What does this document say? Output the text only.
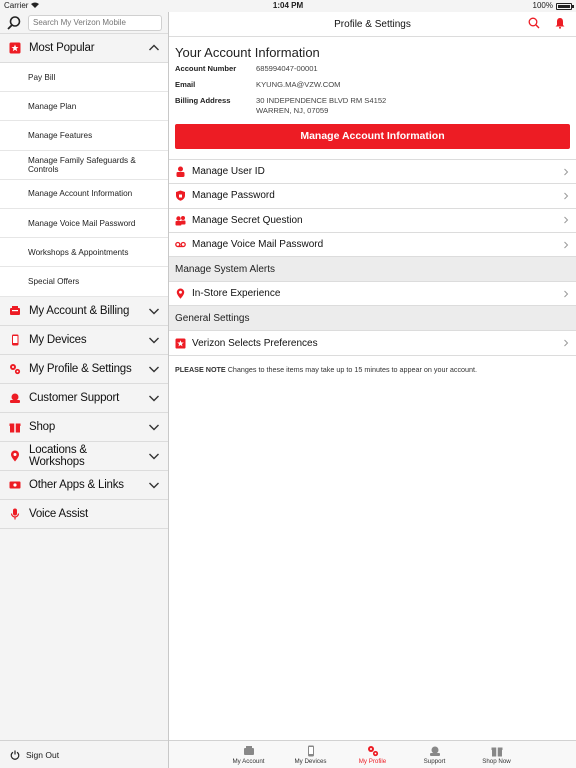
Carrier	1:04 PM	100%
Search My Verizon Mobile
Most Popular
Pay Bill
Manage Plan
Manage Features
Manage Family Safeguards & Controls
Manage Account Information
Manage Voice Mail Password
Workshops & Appointments
Special Offers
My Account & Billing
My Devices
My Profile & Settings
Customer Support
Shop
Locations & Workshops
Other Apps & Links
Voice Assist
Sign Out
Profile & Settings
Your Account Information
Account Number	685994047-00001
Email	KYUNG.MA@VZW.COM
Billing Address	30 INDEPENDENCE BLVD RM S4152
WARREN, NJ, 07059
Manage Account Information
Manage User ID
Manage Password
Manage Secret Question
Manage Voice Mail Password
Manage System Alerts
In-Store Experience
General Settings
Verizon Selects Preferences
PLEASE NOTE Changes to these items may take up to 15 minutes to appear on your account.
My Account	My Devices	My Profile	Support	Shop Now
